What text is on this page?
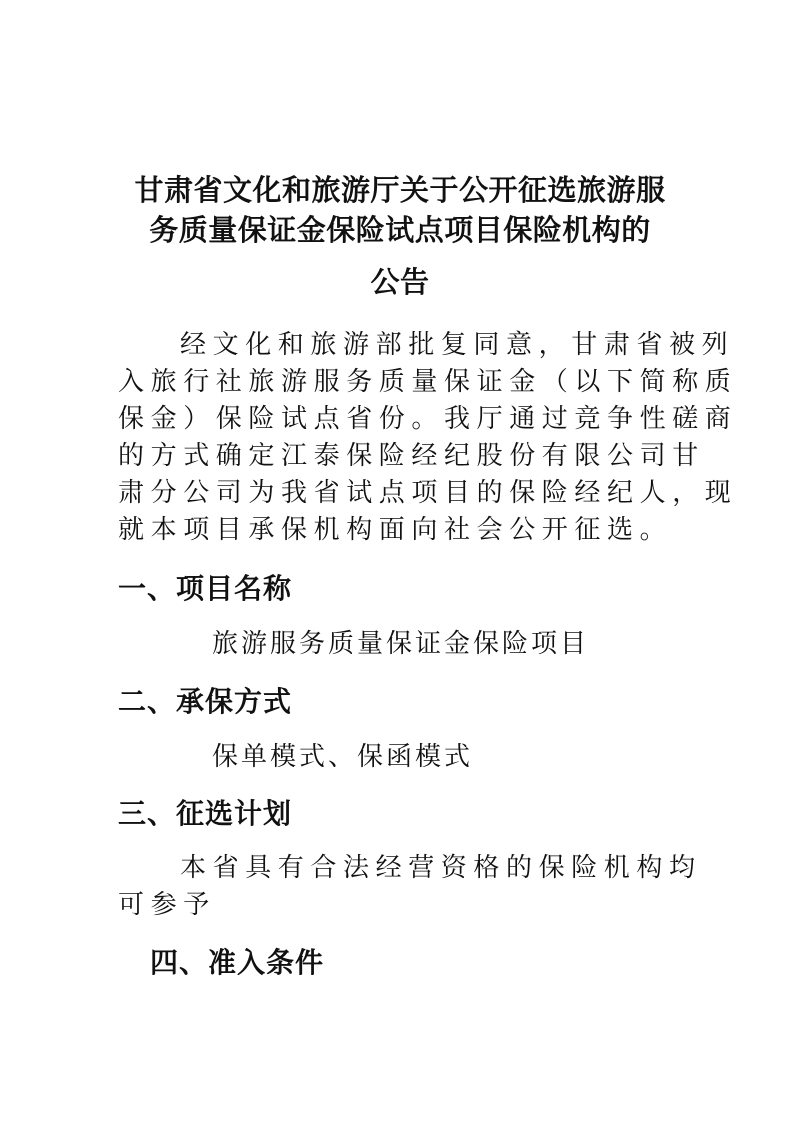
甘肃省文化和旅游厅关于公开征选旅游服
务质量保证金保险试点项目保险机构的
公告
经文化和旅游部批复同意，甘肃省被列
入旅行社旅游服务质量保证金（以下简称质
保金）保险试点省份。我厅通过竞争性磋商
的方式确定江泰保险经纪股份有限公司甘
肃分公司为我省试点项目的保险经纪人，现
就本项目承保机构面向社会公开征选。
一、项目名称
旅游服务质量保证金保险项目
二、承保方式
保单模式、保函模式
三、征选计划
本省具有合法经营资格的保险机构均
可参予
四、准入条件
